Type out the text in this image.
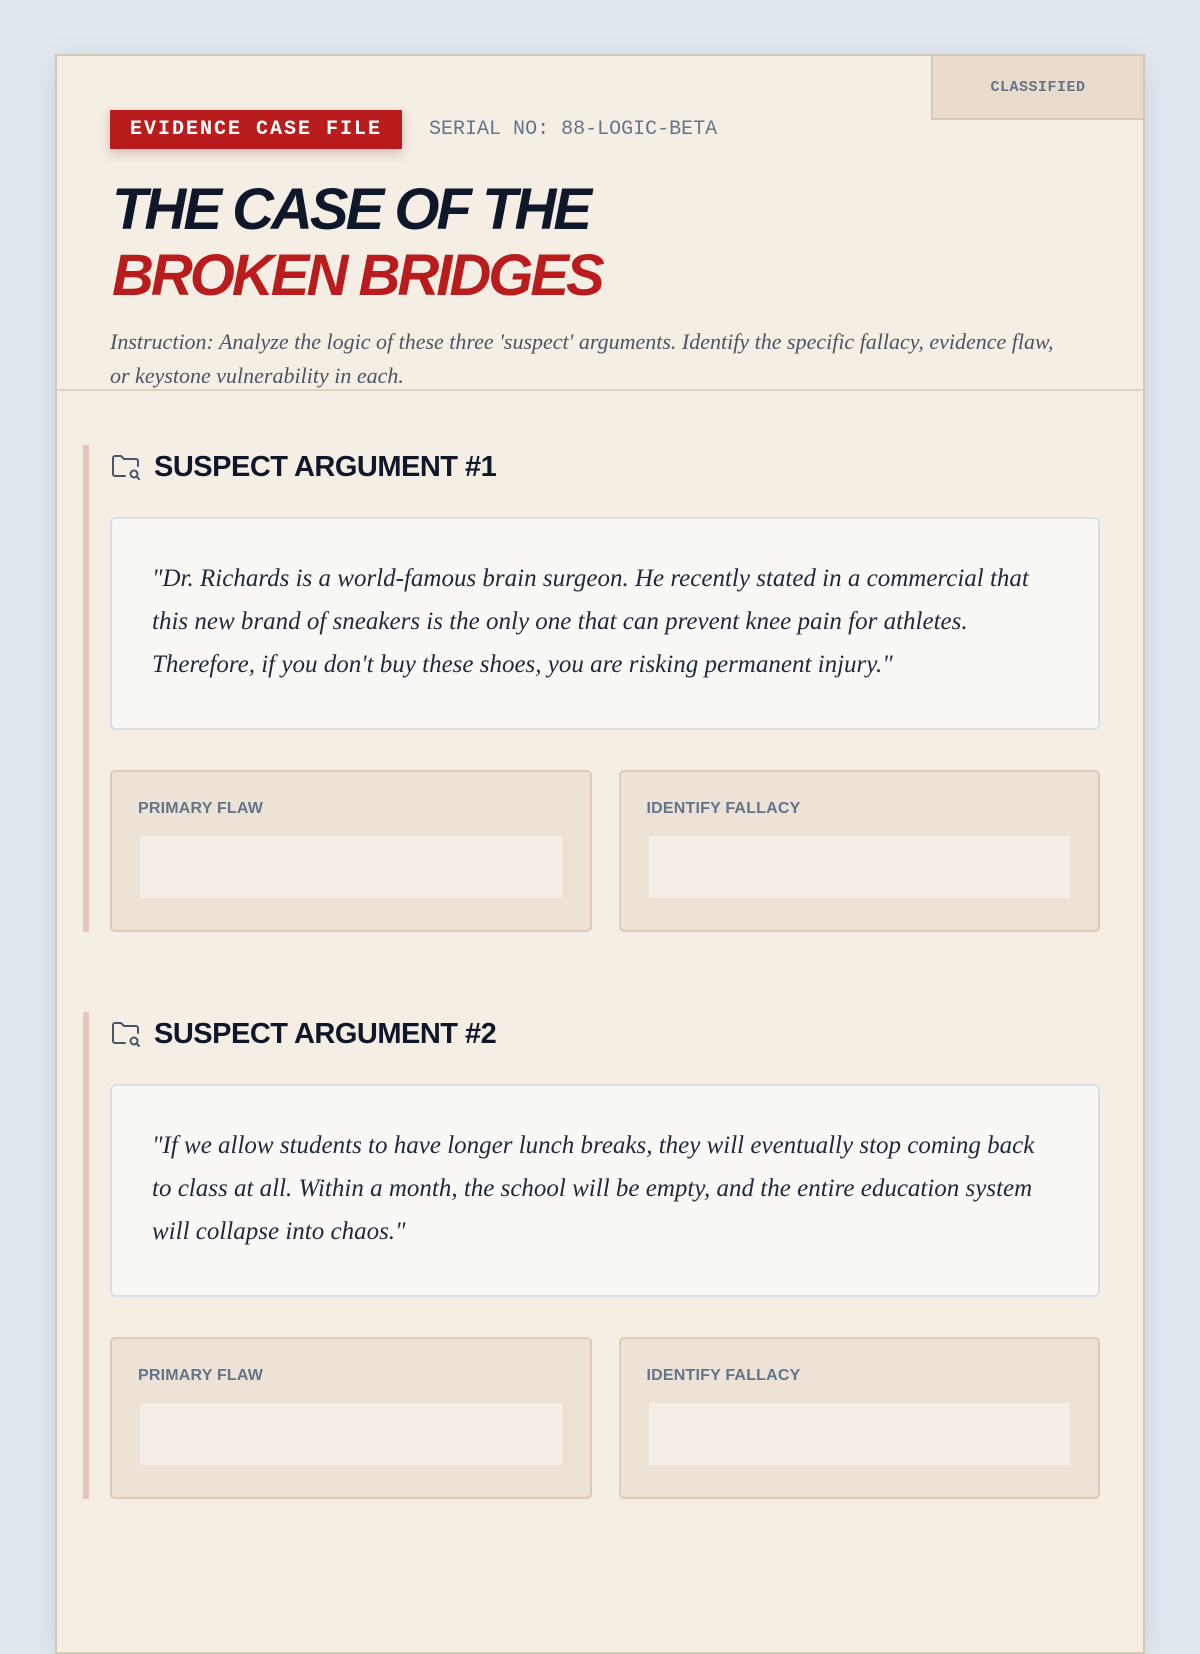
CLASSIFIED
EVIDENCE CASE FILE	SERIAL NO: 88-LOGIC-BETA
THE CASE OF THE
BROKEN BRIDGES
Instruction: Analyze the logic of these three 'suspect' arguments. Identify the specific fallacy, evidence flaw, or keystone vulnerability in each.
SUSPECT ARGUMENT #1
"Dr. Richards is a world-famous brain surgeon. He recently stated in a commercial that this new brand of sneakers is the only one that can prevent knee pain for athletes. Therefore, if you don't buy these shoes, you are risking permanent injury."
PRIMARY FLAW	IDENTIFY FALLACY
SUSPECT ARGUMENT #2
"If we allow students to have longer lunch breaks, they will eventually stop coming back to class at all. Within a month, the school will be empty, and the entire education system will collapse into chaos."
PRIMARY FLAW	IDENTIFY FALLACY
